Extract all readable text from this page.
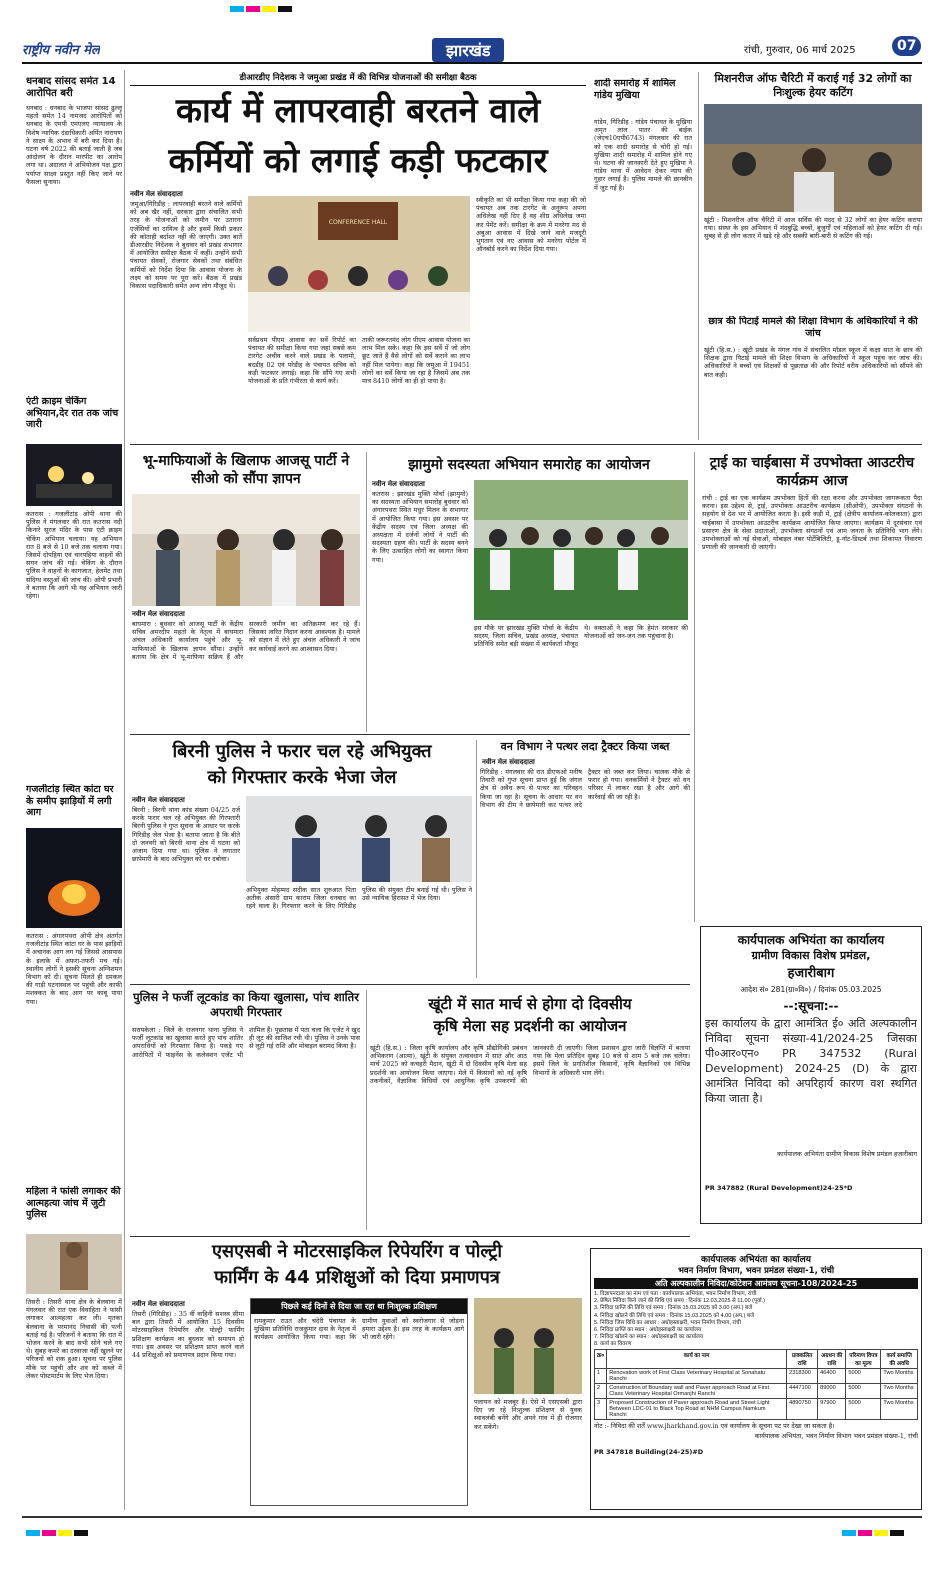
राष्ट्रीय नवीन मेल	झारखंड	रांची, गुरुवार, 06 मार्च 2025	07
धनबाद सांसद समेत 14 आरोपित बरी
धनबाद : धनबाद के भाजपा सांसद ढुल्लू महतो समेत 14 नामजद आरोपितों को धनबाद के एमपी एमएलए न्यायालय के विशेष न्यायिक दंडाधिकारी अर्पित नारायण ने साक्ष्य के अभाव में बरी कर दिया है। घटना वर्ष 2022 की बताई जाती है जब आंदोलन के दौरान मारपीट का आरोप लगा था। अदालत ने अभियोजन पक्ष द्वारा पर्याप्त साक्ष्य प्रस्तुत नहीं किए जाने पर फैसला सुनाया।
एंटी क्राइम चेकिंग अभियान,देर रात तक जांच जारी
कतरास : गजलीटांड़ ओपी थाना की पुलिस ने मंगलवार की रात कतरास नदी किनारे सूरज मंदिर के पास एंटी क्राइम चेकिंग अभियान चलाया। यह अभियान रात 8 बजे से 10 बजे तक चलाया गया। जिसमें दोपहिया एवं चारपहिया वाहनों की सघन जांच की गई। चेकिंग के दौरान पुलिस ने वाहनों के कागजात, हेलमेट तथा संदिग्ध वस्तुओं की जांच की। ओपी प्रभारी ने बताया कि आगे भी यह अभियान जारी रहेगा।
गजलीटांड़ स्थित कांटा घर के समीप झाड़ियों में लगी आग
कतरास : अंगारपथरा ओपी क्षेत्र अंतर्गत गजलीटांड़ स्थित कांटा घर के पास झाड़ियों में अचानक आग लग गई जिससे आसपास के इलाके में अफरा-तफरी मच गई। स्थानीय लोगों ने इसकी सूचना अग्निशमन विभाग को दी। सूचना मिलते ही दमकल की गाड़ी घटनास्थल पर पहुंची और काफी मशक्कत के बाद आग पर काबू पाया गया।
महिला ने फांसी लगाकर की आत्महत्या जांच में जुटी पुलिस
तिसरी : तिसरी थाना क्षेत्र के बेलवाना में मंगलवार की रात एक विवाहिता ने फांसी लगाकर आत्महत्या कर ली। मृतका बेलवाना के परमानंद निवासी की पत्नी बताई गई है। परिजनों ने बताया कि रात में भोजन करने के बाद सभी सोने चले गए थे। सुबह कमरे का दरवाजा नहीं खुलने पर परिजनों को शक हुआ। सूचना पर पुलिस मौके पर पहुंची और शव को कब्जे में लेकर पोस्टमार्टम के लिए भेज दिया।
डीआरडीए निदेशक ने जमुआ प्रखंड में की विभिन्न योजनाओं की समीक्षा बैठक
कार्य में लापरवाही बरतने वाले
कर्मियों को लगाई कड़ी फटकार
नवीन मेल संवाददाता
जमुआ/गिरिडीह : लापरवाही बरतने वाले कर्मियों को अब खैर नहीं, सरकार द्वारा संचालित सभी तरह के योजनाओं को जमीन पर उतारना एजेंसियों का दायित्व है और इसमें किसी प्रकार की कोताही बर्दाश्त नहीं की जाएगी। उक्त बातें डीआरडीए निदेशक ने बुधवार को प्रखंड सभागार में आयोजित समीक्षा बैठक में कहीं। उन्होंने सभी पंचायत सेवकों, रोजगार सेवकों तथा संबंधित कर्मियों को निर्देश दिया कि आवास योजना के लक्ष्य को समय पर पूरा करें। बैठक में प्रखंड विकास पदाधिकारी समेत अन्य लोग मौजूद थे।
CONFERENCE HALL
सर्वप्रथम पीएम आवास का सर्वे रिपोर्ट का पंचायत की समीक्षा किया गया जहां सबसे कम टारगेट अचीव करने वाले प्रखंड के पलामो, बदडीह 02 एवं परेडीह के पंचायत सचिव को कड़ी फटकार लगाई। कहा कि सौंपे गए सभी योजनाओं के प्रति गंभीरता से कार्य करें।
ताकी जरूरतमंद लोग पीएम आवास योजना का लाभ मिल सके। कहा कि इस सर्वे में जो लोग छूट जाते हैं वैसे लोगों को सर्वे कराने का लाभ नहीं मिल पायेगा। कहा कि जमुआ में 19451 लोगों का सर्वे किया जा रहा है जिसमें अब तक मात्र 8410 लोगों का ही हो पाया है।
स्वीकृति का भी समीक्षा किया गया कहा की जो पंचायत अब तक टारगेट के अनुरूप अपना अधिलेख नहीं दिए हैं वह शीघ्र अधिलेख जमा कर पेमेंट करें। समीक्षा के क्रम में मनरेगा मद से अबुआ आवास में दिखे जाने वाले मजदूरी भुगतान एवं नए आवास को मनरेगा पोर्टल में ऑनबोर्ड करने का निर्देश दिया गया।
शादी समारोह में शामिल गांडेय मुखिया
गांडेय, गिरिडीह : गांडेय पंचायत के मुखिया अमृत लाल पातर की बाईक (जेएच10एपी6743) मंगलवार की रात को एक शादी समारोह से चोरी हो गई। मुखिया शादी समारोह में शामिल होने गए थे। घटना की जानकारी देते हुए मुखिया ने गांडेय थाना में आवेदन देकर न्याय की गुहार लगाई है। पुलिस मामले की छानबीन में जुट गई है।
मिशनरीज ऑफ चैरिटी में कराई गई 32 लोगों का निःशुल्क हेयर कटिंग
खूंटी : मिशनरीज ऑफ चैरिटी में आज सर्विस की मदद से 32 लोगों का हेयर कटिंग कराया गया। संस्था के इस अभियान में मंदबुद्धि बच्चों, बुजुर्गों एवं महिलाओं को हेयर कटिंग दी गई। सुबह से ही लोग कतार में खड़े रहे और सबकी बारी-बारी से कटिंग की गई।
छात्र की पिटाई मामले की शिक्षा विभाग के अधिकारियों ने की जांच
खूंटी (हि.स.) : खूंटी प्रखंड के मंगल गांव में संचालित मॉडल स्कूल में कक्षा सात के छात्र की शिक्षक द्वारा पिटाई मामले की शिक्षा विभाग के अधिकारियों ने स्कूल पहुंच कर जांच की। अधिकारियों ने बच्चों एवं शिक्षकों से पूछताछ की और रिपोर्ट वरीय अधिकारियों को सौंपने की बात कही।
भू-माफियाओं के खिलाफ आजसू पार्टी ने सीओ को सौंपा ज्ञापन
नवीन मेल संवाददाता
बाघमारा : बुधवार को आजसू पार्टी के केंद्रीय सचिव अमरदीप महतो के नेतृत्व में बाघमारा अंचल अधिकारी कार्यालय पहुंचे और भू-माफियाओं के खिलाफ ज्ञापन सौंपा। उन्होंने बताया कि क्षेत्र में भू-माफिया सक्रिय हैं और सरकारी जमीन का अतिक्रमण कर रहे हैं। जिसका त्वरित निदान करना आवश्यक है। मामले को संज्ञान में लेते हुए अंचल अधिकारी ने जांच कर कार्रवाई करने का आश्वासन दिया।
झामुमो सदस्यता अभियान समारोह का आयोजन
नवीन मेल संवाददाता
कतरास : झारखंड मुक्ति मोर्चा (झामुमो) का सदस्यता अभियान समारोह बुधवार को अंगारपथरा स्थित मधुर मिलन के सभागार में आयोजित किया गया। इस अवसर पर केंद्रीय सदस्य एवं जिला अध्यक्ष की अध्यक्षता में दर्जनों लोगों ने पार्टी की सदस्यता ग्रहण की। पार्टी के सदस्य बनने के लिए उत्साहित लोगों का स्वागत किया गया।
इस मौके पर झारखंड मुक्ति मोर्चा के केंद्रीय सदस्य, जिला सचिव, प्रखंड अध्यक्ष, पंचायत प्रतिनिधि समेत बड़ी संख्या में कार्यकर्ता मौजूद थे। वक्ताओं ने कहा कि हेमंत सरकार की योजनाओं को जन-जन तक पहुंचाना है।
ट्राई का चाईबासा में उपभोक्ता आउटरीच कार्यक्रम आज
रांची : ट्राई का एक कार्यक्रम उपभोक्ता हितों की रक्षा करना और उपभोक्ता जागरूकता पैदा करना। इस उद्देश्य से, ट्राई, उपभोक्ता आउटरीच कार्यक्रम (सीओपी), उपभोक्ता संगठनों के सहयोग से देश भर में आयोजित करता है। इसी कड़ी में, ट्राई (क्षेत्रीय कार्यालय-कोलकाता) द्वारा चाईबासा में उपभोक्ता आउटरीच कार्यक्रम आयोजित किया जाएगा। कार्यक्रम में दूरसंचार एवं प्रसारण क्षेत्र के सेवा प्रदाताओं, उपभोक्ता संगठनों एवं आम जनता के प्रतिनिधि भाग लेंगे। उपभोक्ताओं को नई सेवाओं, मोबाइल नंबर पोर्टेबिलिटी, डू-नॉट-डिस्टर्ब तथा शिकायत निवारण प्रणाली की जानकारी दी जाएगी।
बिरनी पुलिस ने फरार चल रहे अभियुक्त
को गिरफ्तार करके भेजा जेल
नवीन मेल संवाददाता
बिरनी : बिरनी थाना कांड संख्या 04/25 दर्ज करके फरार चल रहे अभियुक्त की गिरफ्तारी बिरनी पुलिस ने गुप्त सूचना के आधार पर करके गिरिडीह जेल भेजा है। बताया जाता है कि बीते दो जनवरी को बिरनी थाना क्षेत्र में घटना को अंजाम दिया गया था। पुलिस ने लगातार छापेमारी के बाद अभियुक्त को धर दबोचा।
अभियुक्त मोहम्मद सदीक सात शुरुआत पिता अतीक अंसारी ग्राम काराम जिला धनबाद का रहने वाला है। गिरफ्तार करने के लिए गिरिडीह पुलिस की संयुक्त टीम बनाई गई थी। पुलिस ने उसे न्यायिक हिरासत में भेज दिया।
वन विभाग ने पत्थर लदा ट्रैक्टर किया जब्त
नवीन मेल संवाददाता
गिरिडीह : मंगलवार की रात डीएफओ मनीष तिवारी को गुप्त सूचना प्राप्त हुई कि जंगल क्षेत्र से अवैध रूप से पत्थर का परिवहन किया जा रहा है। सूचना के आधार पर वन विभाग की टीम ने छापेमारी कर पत्थर लदे ट्रैक्टर को जब्त कर लिया। चालक मौके से फरार हो गया। वनकर्मियों ने ट्रैक्टर को वन परिसर में लाकर रखा है और आगे की कार्रवाई की जा रही है।
पुलिस ने फर्जी लूटकांड का किया खुलासा, पांच शातिर अपराधी गिरफ्तार
सरायकेला : जिले के राजनगर थाना पुलिस ने फर्जी लूटकांड का खुलासा करते हुए पांच शातिर अपराधियों को गिरफ्तार किया है। पकड़े गए आरोपितों में फाइनेंस के कलेक्शन एजेंट भी शामिल हैं। पूछताछ में पता चला कि एजेंट ने खुद ही लूट की साजिश रची थी। पुलिस ने उनके पास से लूटी गई राशि और मोबाइल बरामद किया है।
खूंटी में सात मार्च से होगा दो दिवसीय
कृषि मेला सह प्रदर्शनी का आयोजन
खूंटी (हि.स.) : जिला कृषि कार्यालय और कृषि प्रौद्योगिकी प्रबंधन अभिकरण (आत्मा), खूंटी के संयुक्त तत्वावधान में सात और आठ मार्च 2025 को कचहरी मैदान, खूंटी में दो दिवसीय कृषि मेला सह प्रदर्शनी का आयोजन किया जाएगा। मेले में किसानों को नई कृषि तकनीकों, वैज्ञानिक विधियों एवं आधुनिक कृषि उपकरणों की जानकारी दी जाएगी। जिला प्रशासन द्वारा जारी विज्ञप्ति में बताया गया कि मेला प्रतिदिन सुबह 10 बजे से शाम 5 बजे तक चलेगा। इसमें जिले के प्रगतिशील किसानों, कृषि वैज्ञानिकों एवं विभिन्न विभागों के अधिकारी भाग लेंगे।
एसएसबी ने मोटरसाइकिल रिपेयरिंग व पोल्ट्री
फार्मिंग के 44 प्रशिक्षुओं को दिया प्रमाणपत्र
नवीन मेल संवाददाता
तिसरी (गिरिडीह) : 35 वीं वाहिनी सशस्त्र सीमा बल द्वारा तिसरी में आयोजित 15 दिवसीय मोटरसाइकिल रिपेयरिंग और पोल्ट्री फार्मिंग प्रशिक्षण कार्यक्रम का बुधवार को समापन हो गया। इस अवसर पर प्रशिक्षण प्राप्त करने वाले 44 प्रशिक्षुओं को प्रमाणपत्र प्रदान किया गया।
पिछले कई दिनों से दिया जा रहा था निःशुल्क प्रशिक्षण
रामकुमार राउत और चंदेरी पंचायत के मुखिया प्रतिनिधि राजकुमार दास के नेतृत्व में कार्यक्रम आयोजित किया गया। कहा कि ग्रामीण युवाओं को स्वरोजगार से जोड़ना हमारा उद्देश्य है। इस तरह के कार्यक्रम आगे भी जारी रहेंगे।
पलायन को मजबूर हैं। ऐसे में एसएसबी द्वारा दिए जा रहे निःशुल्क प्रशिक्षण से युवक स्वावलंबी बनेंगे और अपने गांव में ही रोजगार कर सकेंगे।
कार्यपालक अभियंता का कार्यालय
ग्रामीण विकास विशेष प्रमंडल,
हजारीबाग
आदेश सं० 281(ग्रा०वि०) / दिनांक 05.03.2025
--:सूचना:--
इस कार्यालय के द्वारा आमंत्रित ई० अति अल्पकालीन निविदा सूचना संख्या-41/2024-25 जिसका पी०आर०एन० PR 347532 (Rural Development) 2024-25 (D) के द्वारा आमंत्रित निविदा को अपरिहार्य कारण वश स्थगित किया जाता है।
कार्यपालक अभियंता ग्रामीण विकास विशेष प्रमंडल हजारीबाग
PR 347882 (Rural Development)24-25*D
कार्यपालक अभियंता का कार्यालय
भवन निर्माण विभाग, भवन प्रमंडल संख्या-1, रांची
अति अल्पकालीन निविदा/कोटेशन आमंत्रण सूचना-108/2024-25
1. विज्ञापनदाता का नाम एवं पता : कार्यपालक अभियंता, भवन निर्माण विभाग, रांची
2. प्रेषित निविदा किये जाने की तिथि एवं समय : दिनांक 12.03.2025 से 11.00 (पूर्वा.)
3. निविदा प्राप्ति की तिथि एवं समय : दिनांक 15.03.2025 को 3.00 (अप.) बजे
4. निविदा खोलने की तिथि एवं समय : दिनांक 15.03.2025 को 4.00 (अप.) बजे
5. निविदा जिस विधि का आधार : अधोहस्ताक्षरी, भवन निर्माण विभाग, रांची
6. निविदा प्राप्ति का स्थान : अधोहस्ताक्षरी का कार्यालय
7. निविदा खोलने का स्थान : अधोहस्ताक्षरी का कार्यालय
8. कार्य का विवरण
क्र०	कार्य का नाम	प्राक्कलित राशि	अग्रधन की राशि	परिमाण विपत्र का मूल्य	कार्य समाप्ति की अवधि
1	Renovation work of First Class Veterinary Hospital at Sonahatu Ranchi	2318300	46400	5000	Two Months
2	Construction of Boundary wall and Paver approach Road at First Class Veterinary Hospital Ormanjhi Ranchi	4447100	89000	5000	Two Months
3	Proposed Construction of Paver approach Road and Street Light Between LDC-01 to Black Top Road at NHM Campus Namkum Ranchi	4890750	97900	5000	Two Months
नोट :- निविदा की शर्तें www.jharkhand.gov.in एवं कार्यालय के सूचना पट पर देखा जा सकता है।
कार्यपालक अभियंता, भवन निर्माण विभाग भवन प्रमंडल संख्या-1, रांची
PR 347818 Building(24-25)#D
